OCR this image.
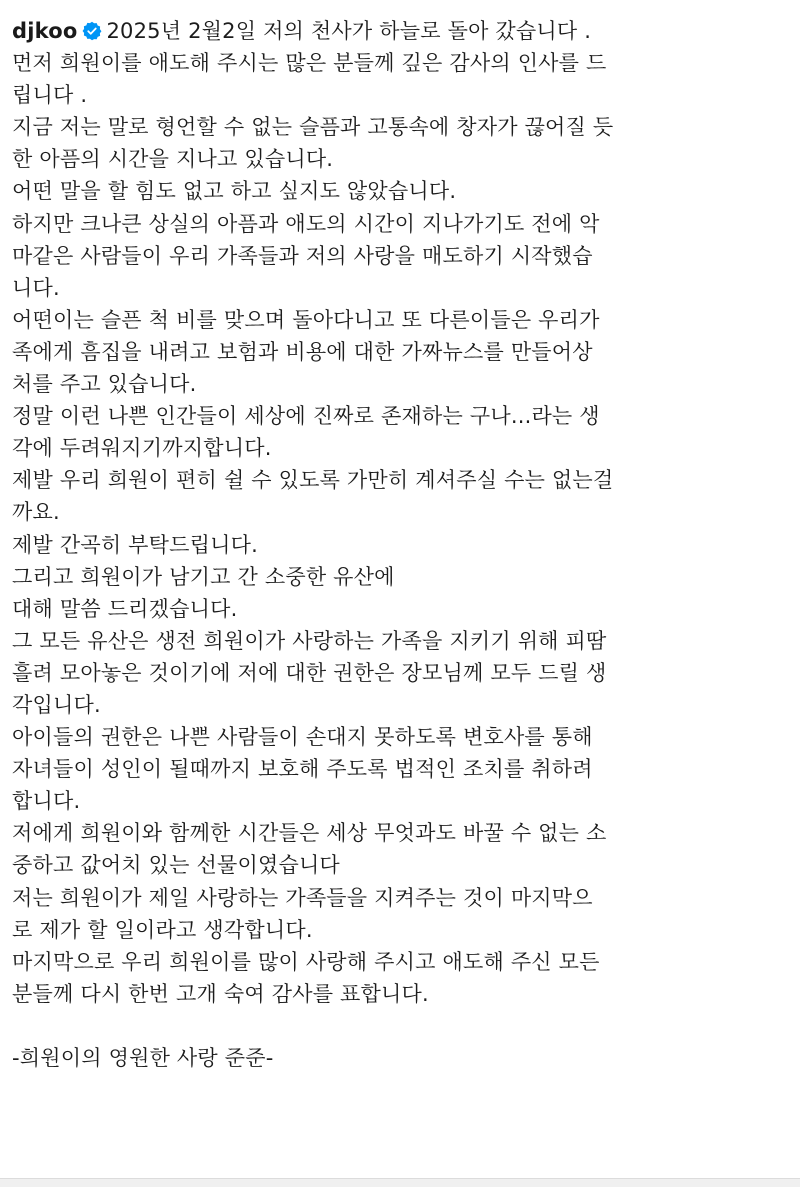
djkoo 2025년 2월2일 저의 천사가 하늘로 돌아 갔습니다 .
먼저 희원이를 애도해 주시는 많은 분들께 깊은 감사의 인사를 드
립니다 .
지금 저는 말로 형언할 수 없는 슬픔과 고통속에 창자가 끊어질 듯
한 아픔의 시간을 지나고 있습니다.
어떤 말을 할 힘도 없고 하고 싶지도 않았습니다.
하지만 크나큰 상실의 아픔과 애도의 시간이 지나가기도 전에 악
마같은 사람들이 우리 가족들과 저의 사랑을 매도하기 시작했습
니다.
어떤이는 슬픈 척 비를 맞으며 돌아다니고 또 다른이들은 우리가
족에게 흠집을 내려고 보험과 비용에 대한 가짜뉴스를 만들어상
처를 주고 있습니다.
정말 이런 나쁜 인간들이 세상에 진짜로 존재하는 구나...라는 생
각에 두려워지기까지합니다.
제발 우리 희원이 편히 쉴 수 있도록 가만히 계셔주실 수는 없는걸
까요.
제발 간곡히 부탁드립니다.
그리고 희원이가 남기고 간 소중한 유산에
대해 말씀 드리겠습니다.
그 모든 유산은 생전 희원이가 사랑하는 가족을 지키기 위해 피땀
흘려 모아놓은 것이기에 저에 대한 권한은 장모님께 모두 드릴 생
각입니다.
아이들의 권한은 나쁜 사람들이 손대지 못하도록 변호사를 통해
자녀들이 성인이 될때까지 보호해 주도록 법적인 조치를 취하려
합니다.
저에게 희원이와 함께한 시간들은 세상 무엇과도 바꿀 수 없는 소
중하고 값어치 있는 선물이였습니다
저는 희원이가 제일 사랑하는 가족들을 지켜주는 것이 마지막으
로 제가 할 일이라고 생각합니다.
마지막으로 우리 희원이를 많이 사랑해 주시고 애도해 주신 모든
분들께 다시 한번 고개 숙여 감사를 표합니다.
-희원이의 영원한 사랑 준준-
